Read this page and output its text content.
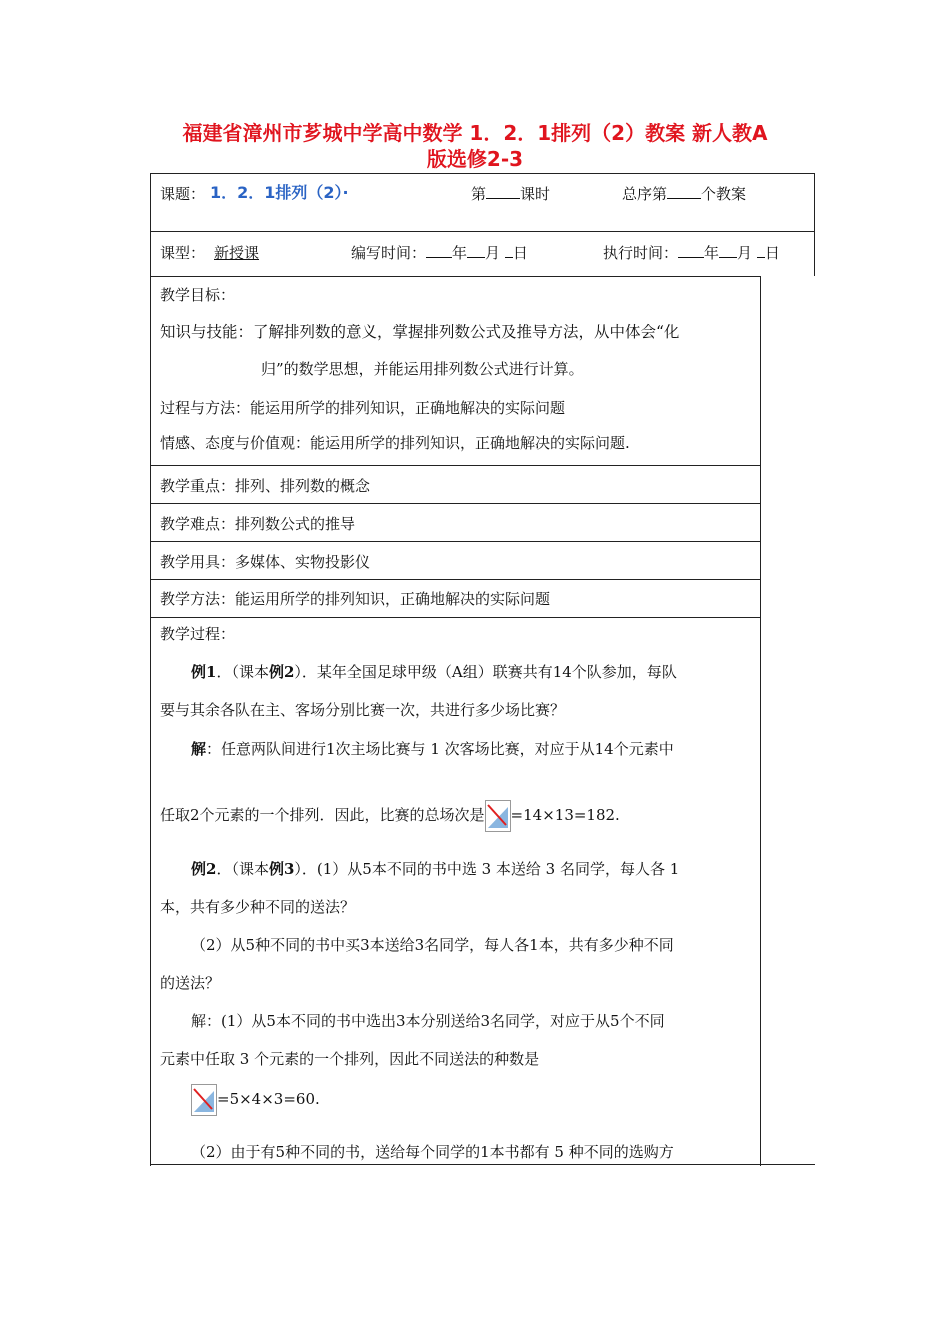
福建省漳州市芗城中学高中数学 1．2．1排列（2）教案 新人教A
版选修2-3
课题： 1．2．1排列（2）·	第 课时	总序第 个教案
课型： 新授课	编写时间： 年 月 日	执行时间： 年 月 日
教学目标：
知识与技能：了解排列数的意义，掌握排列数公式及推导方法，从中体会“化
归”的数学思想，并能运用排列数公式进行计算。
过程与方法：能运用所学的排列知识，正确地解决的实际问题
情感、态度与价值观：能运用所学的排列知识，正确地解决的实际问题.
教学重点：排列、排列数的概念
教学难点：排列数公式的推导
教学用具：多媒体、实物投影仪
教学方法：能运用所学的排列知识，正确地解决的实际问题
教学过程：
例1．（课本例2）．某年全国足球甲级（A组）联赛共有14个队参加，每队
要与其余各队在主、客场分别比赛一次，共进行多少场比赛？
解：任意两队间进行1次主场比赛与 1 次客场比赛，对应于从14个元素中
任取2个元素的一个排列．因此，比赛的总场次是 =14×13=182.
例2．（课本例3）．(1）从5本不同的书中选 3 本送给 3 名同学，每人各 1
本，共有多少种不同的送法？
（2）从5种不同的书中买3本送给3名同学，每人各1本，共有多少种不同
的送法？
解：(1）从5本不同的书中选出3本分别送给3名同学，对应于从5个不同
元素中任取 3 个元素的一个排列，因此不同送法的种数是
=5×4×3=60.
（2）由于有5种不同的书，送给每个同学的1本书都有 5 种不同的选购方
